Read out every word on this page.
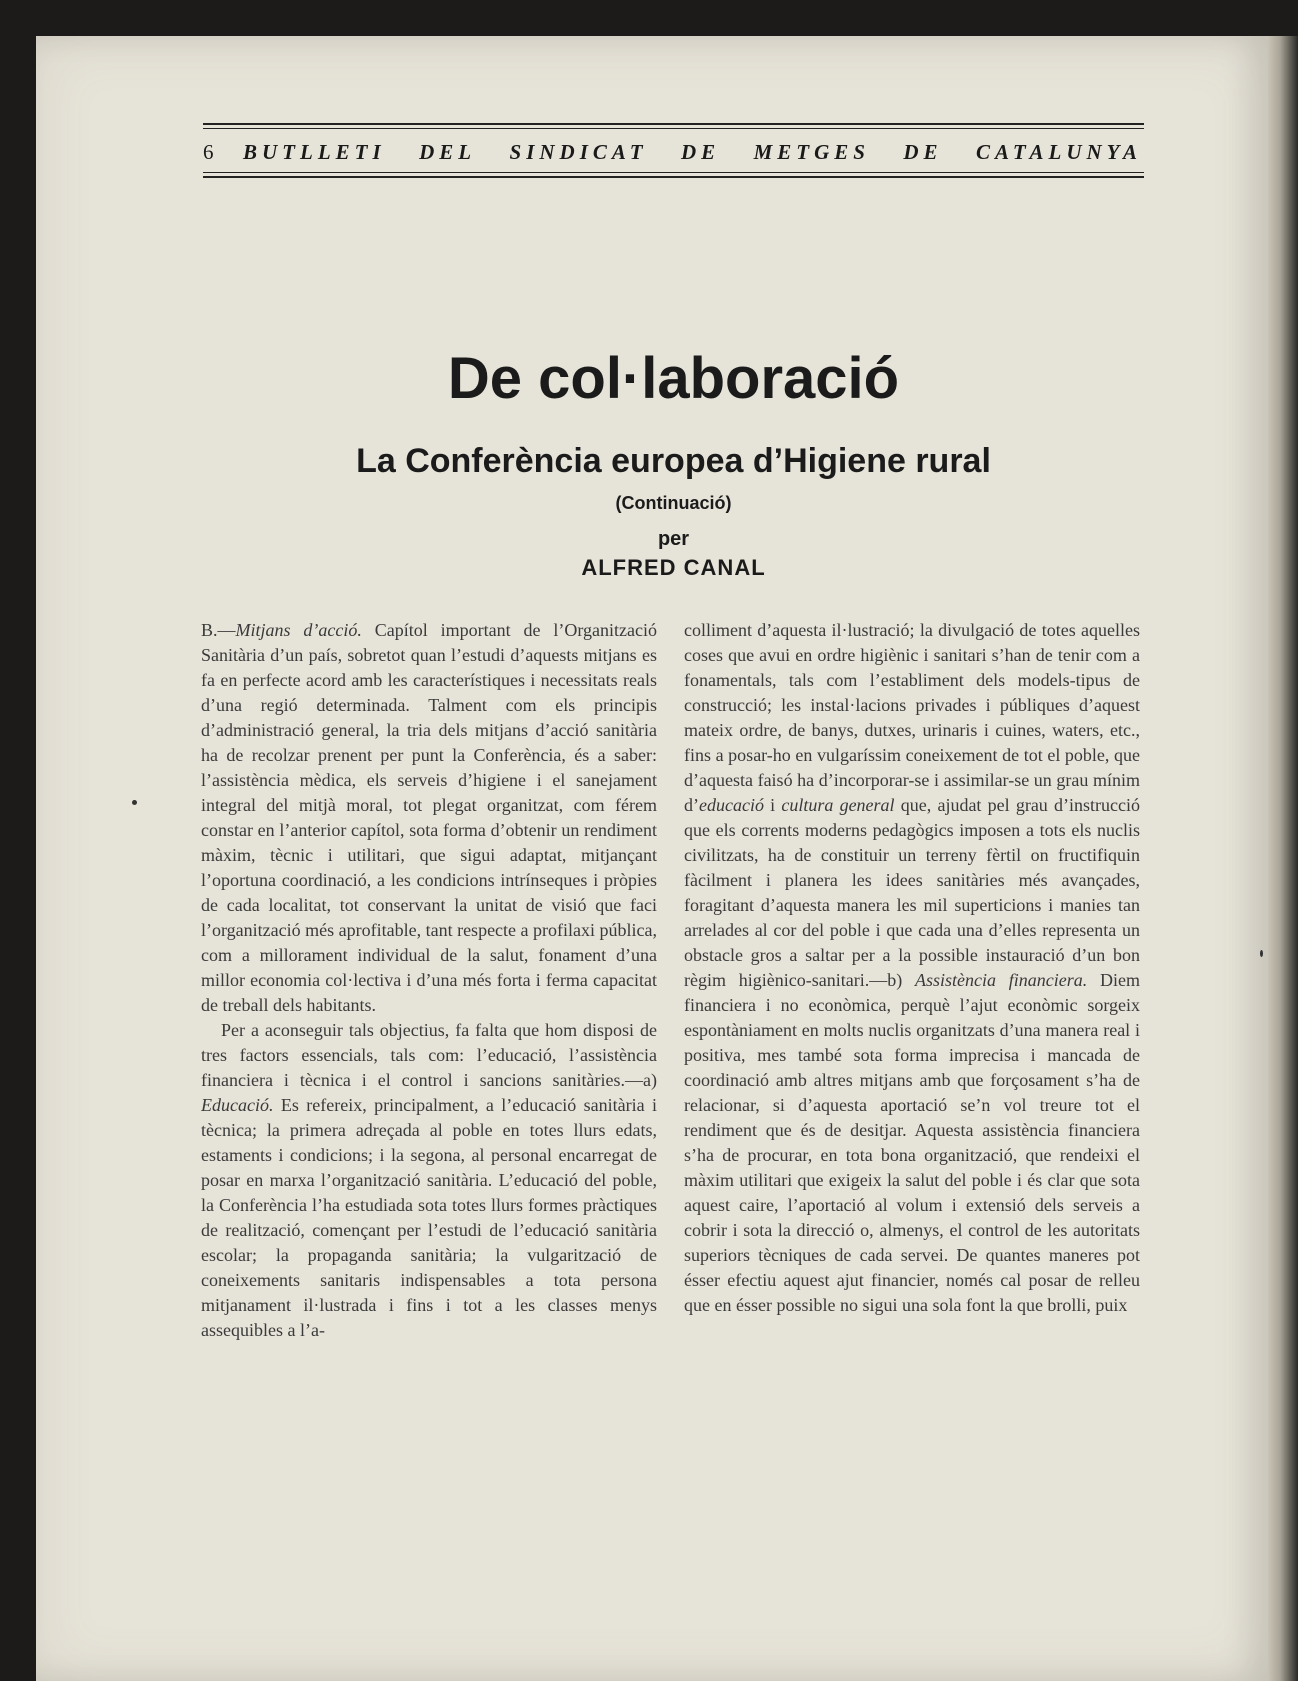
6	BUTLLETI DEL SINDICAT DE METGES DE CATALUNYA
De col·laboració
La Conferència europea d’Higiene rural
(Continuació)
per
ALFRED CANAL

B.—Mitjans d’acció. Capítol important de l’Organització Sanitària d’un país, sobretot quan l’estudi d’aquests mitjans es fa en perfecte acord amb les característiques i necessitats reals d’una regió determinada. Talment com els principis d’administració general, la tria dels mitjans d’acció sanitària ha de recolzar prenent per punt la Conferència, és a saber: l’assistència mèdica, els serveis d’higiene i el sanejament integral del mitjà moral, tot plegat organitzat, com férem constar en l’anterior capítol, sota forma d’obtenir un rendiment màxim, tècnic i utilitari, que sigui adaptat, mitjançant l’oportuna coordinació, a les condicions intrínseques i pròpies de cada localitat, tot conservant la unitat de visió que faci l’organització més aprofitable, tant respecte a profilaxi pública, com a millorament individual de la salut, fonament d’una millor economia col·lectiva i d’una més forta i ferma capacitat de treball dels habitants.

Per a aconseguir tals objectius, fa falta que hom disposi de tres factors essencials, tals com: l’educació, l’assistència financiera i tècnica i el control i sancions sanitàries.—a) Educació. Es refereix, principalment, a l’educació sanitària i tècnica; la primera adreçada al poble en totes llurs edats, estaments i condicions; i la segona, al personal encarregat de posar en marxa l’organització sanitària. L’educació del poble, la Conferència l’ha estudiada sota totes llurs formes pràctiques de realització, començant per l’estudi de l’educació sanitària escolar; la propaganda sanitària; la vulgarització de coneixements sanitaris indispensables a tota persona mitjanament il·lustrada i fins i tot a les classes menys assequibles a l’a-

colliment d’aquesta il·lustració; la divulgació de totes aquelles coses que avui en ordre higiènic i sanitari s’han de tenir com a fonamentals, tals com l’establiment dels models-tipus de construcció; les instal·lacions privades i públiques d’aquest mateix ordre, de banys, dutxes, urinaris i cuines, waters, etc., fins a posar-ho en vulgaríssim coneixement de tot el poble, que d’aquesta faisó ha d’incorporar-se i assimilar-se un grau mínim d’educació i cultura general que, ajudat pel grau d’instrucció que els corrents moderns pedagògics imposen a tots els nuclis civilitzats, ha de constituir un terreny fèrtil on fructifiquin fàcilment i planera les idees sanitàries més avançades, foragitant d’aquesta manera les mil superticions i manies tan arrelades al cor del poble i que cada una d’elles representa un obstacle gros a saltar per a la possible instauració d’un bon règim higiènico-sanitari.—b) Assistència financiera. Diem financiera i no econòmica, perquè l’ajut econòmic sorgeix espontàniament en molts nuclis organitzats d’una manera real i positiva, mes també sota forma imprecisa i mancada de coordinació amb altres mitjans amb que forçosament s’ha de relacionar, si d’aquesta aportació se’n vol treure tot el rendiment que és de desitjar. Aquesta assistència financiera s’ha de procurar, en tota bona organització, que rendeixi el màxim utilitari que exigeix la salut del poble i és clar que sota aquest caire, l’aportació al volum i extensió dels serveis a cobrir i sota la direcció o, almenys, el control de les autoritats superiors tècniques de cada servei. De quantes maneres pot ésser efectiu aquest ajut financier, només cal posar de relleu que en ésser possible no sigui una sola font la que brolli, puix
